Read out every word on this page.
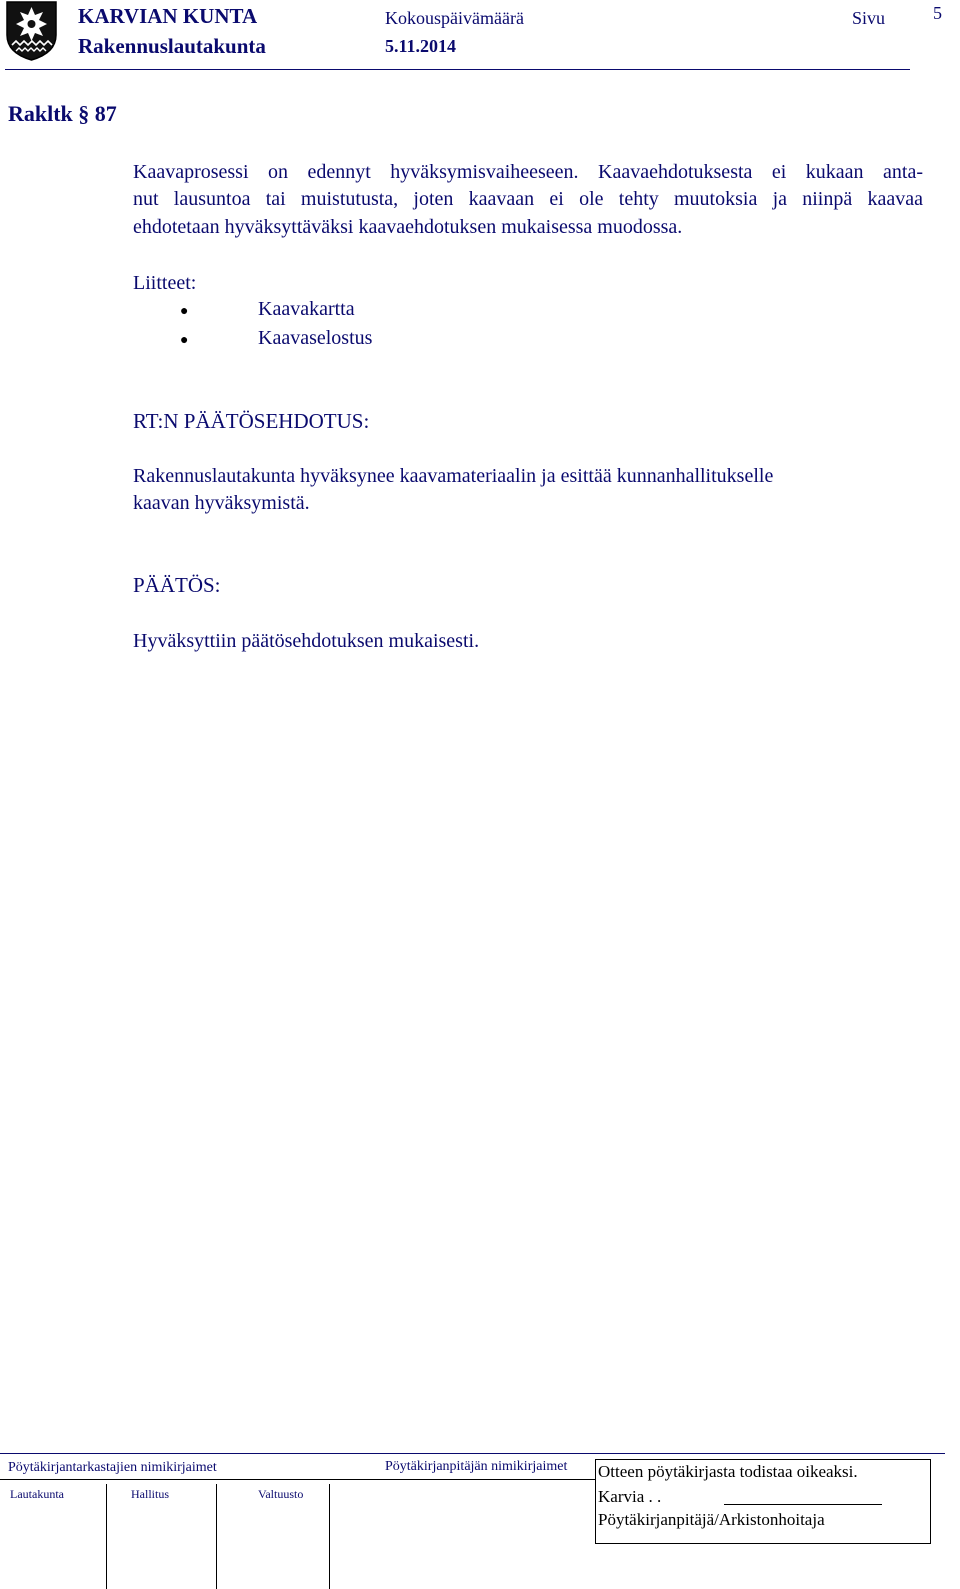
KARVIAN KUNTA
Rakennuslautakunta
Kokouspäivämäärä
5.11.2014
Sivu	5
Rakltk § 87
Kaavaprosessi on edennyt hyväksymisvaiheeseen. Kaavaehdotuksesta ei kukaan anta-
nut lausuntoa tai muistutusta, joten kaavaan ei ole tehty muutoksia ja niinpä kaavaa
ehdotetaan hyväksyttäväksi kaavaehdotuksen mukaisessa muodossa.
Liitteet:
●	Kaavakartta
●	Kaavaselostus
RT:N PÄÄTÖSEHDOTUS:
Rakennuslautakunta hyväksynee kaavamateriaalin ja esittää kunnanhallitukselle
kaavan hyväksymistä.
PÄÄTÖS:
Hyväksyttiin päätösehdotuksen mukaisesti.
Pöytäkirjantarkastajien nimikirjaimet	Pöytäkirjanpitäjän nimikirjaimet
Lautakunta	Hallitus	Valtuusto
Otteen pöytäkirjasta todistaa oikeaksi.
Karvia . .
Pöytäkirjanpitäjä/Arkistonhoitaja
